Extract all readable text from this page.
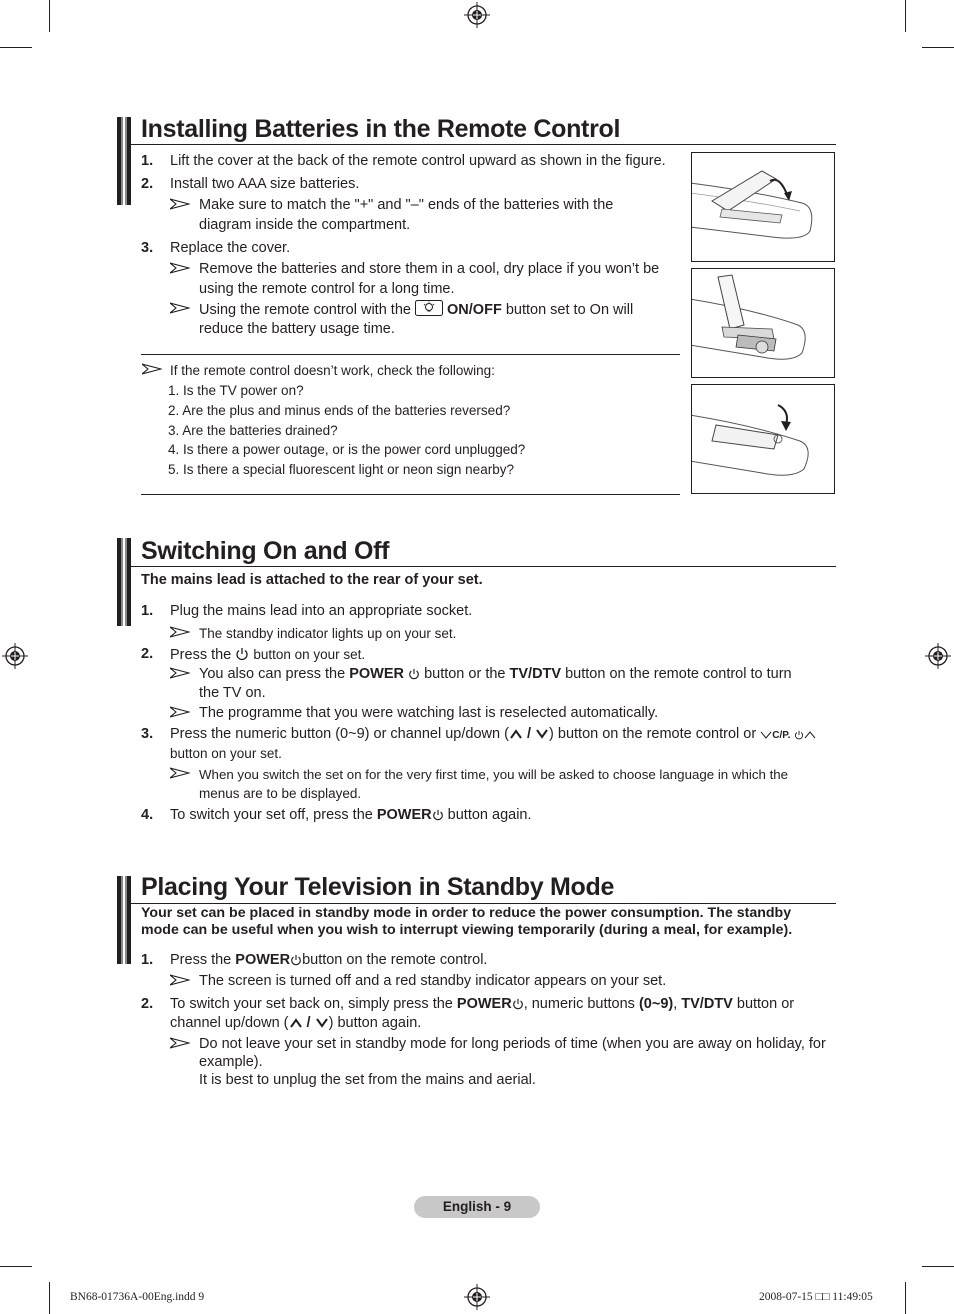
Installing Batteries in the Remote Control
1. Lift the cover at the back of the remote control upward as shown in the figure.
2. Install two AAA size batteries.
Make sure to match the "+" and "–" ends of the batteries with the
diagram inside the compartment.
3. Replace the cover.
Remove the batteries and store them in a cool, dry place if you won’t be
using the remote control for a long time.
Using the remote control with the ON/OFF button set to On will
reduce the battery usage time.
If the remote control doesn’t work, check the following:
1. Is the TV power on?
2. Are the plus and minus ends of the batteries reversed?
3. Are the batteries drained?
4. Is there a power outage, or is the power cord unplugged?
5. Is there a special fluorescent light or neon sign nearby?
Switching On and Off
The mains lead is attached to the rear of your set.
1. Plug the mains lead into an appropriate socket.
The standby indicator lights up on your set.
2. Press the button on your set.
You also can press the POWER button or the TV/DTV button on the remote control to turn
the TV on.
The programme that you were watching last is reselected automatically.
3. Press the numeric button (0~9) or channel up/down ( / ) button on the remote control or C/P.
button on your set.
When you switch the set on for the very first time, you will be asked to choose language in which the
menus are to be displayed.
4. To switch your set off, press the POWER button again.
Placing Your Television in Standby Mode
Your set can be placed in standby mode in order to reduce the power consumption. The standby
mode can be useful when you wish to interrupt viewing temporarily (during a meal, for example).
1. Press the POWER button on the remote control.
The screen is turned off and a red standby indicator appears on your set.
2. To switch your set back on, simply press the POWER , numeric buttons (0~9), TV/DTV button or
channel up/down ( / ) button again.
Do not leave your set in standby mode for long periods of time (when you are away on holiday, for
example).
It is best to unplug the set from the mains and aerial.
English - 9
BN68-01736A-00Eng.indd 9	2008-07-15 □□ 11:49:05
